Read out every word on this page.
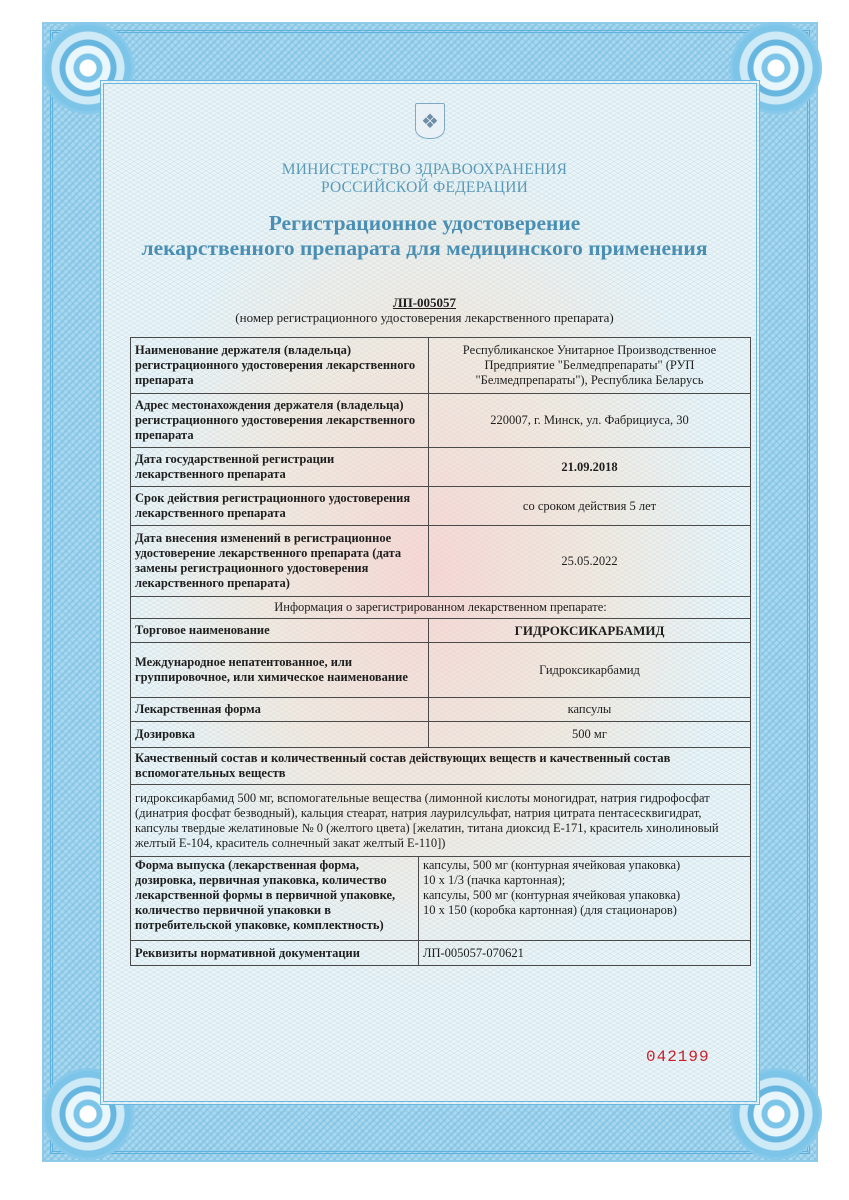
❖
МИНИСТЕРСТВО ЗДРАВООХРАНЕНИЯ
РОССИЙСКОЙ ФЕДЕРАЦИИ
Регистрационное удостоверение
лекарственного препарата для медицинского применения
ЛП-005057
(номер регистрационного удостоверения лекарственного препарата)
Наименование держателя (владельца) регистрационного удостоверения лекарственного препарата	Республиканское Унитарное Производственное Предприятие "Белмедпрепараты" (РУП "Белмедпрепараты"), Республика Беларусь
Адрес местонахождения держателя (владельца) регистрационного удостоверения лекарственного препарата	220007, г. Минск, ул. Фабрициуса, 30
Дата государственной регистрации лекарственного препарата	21.09.2018
Срок действия регистрационного удостоверения лекарственного препарата	со сроком действия 5 лет
Дата внесения изменений в регистрационное удостоверение лекарственного препарата (дата замены регистрационного удостоверения лекарственного препарата)	25.05.2022
Информация о зарегистрированном лекарственном препарате:	
Торговое наименование	ГИДРОКСИКАРБАМИД
Международное непатентованное, или группировочное, или химическое наименование	Гидроксикарбамид
Лекарственная форма	капсулы
Дозировка	500 мг
Качественный состав и количественный состав действующих веществ и качественный состав вспомогательных веществ	
гидроксикарбамид 500 мг, вспомогательные вещества (лимонной кислоты моногидрат, натрия гидрофосфат (динатрия фосфат безводный), кальция стеарат, натрия лаурилсульфат, натрия цитрата пентасесквигидрат, капсулы твердые желатиновые № 0 (желтого цвета) [желатин, титана диоксид Е-171, краситель хинолиновый желтый Е-104, краситель солнечный закат желтый Е-110])	
Форма выпуска (лекарственная форма, дозировка, первичная упаковка, количество лекарственной формы в первичной упаковке, количество первичной упаковки в потребительской упаковке, комплектность)	капсулы, 500 мг (контурная ячейковая упаковка)
10 х 1/3 (пачка картонная);
капсулы, 500 мг (контурная ячейковая упаковка)
10 х 150 (коробка картонная) (для стационаров)

Реквизиты нормативной документации	ЛП-005057-070621
042199
